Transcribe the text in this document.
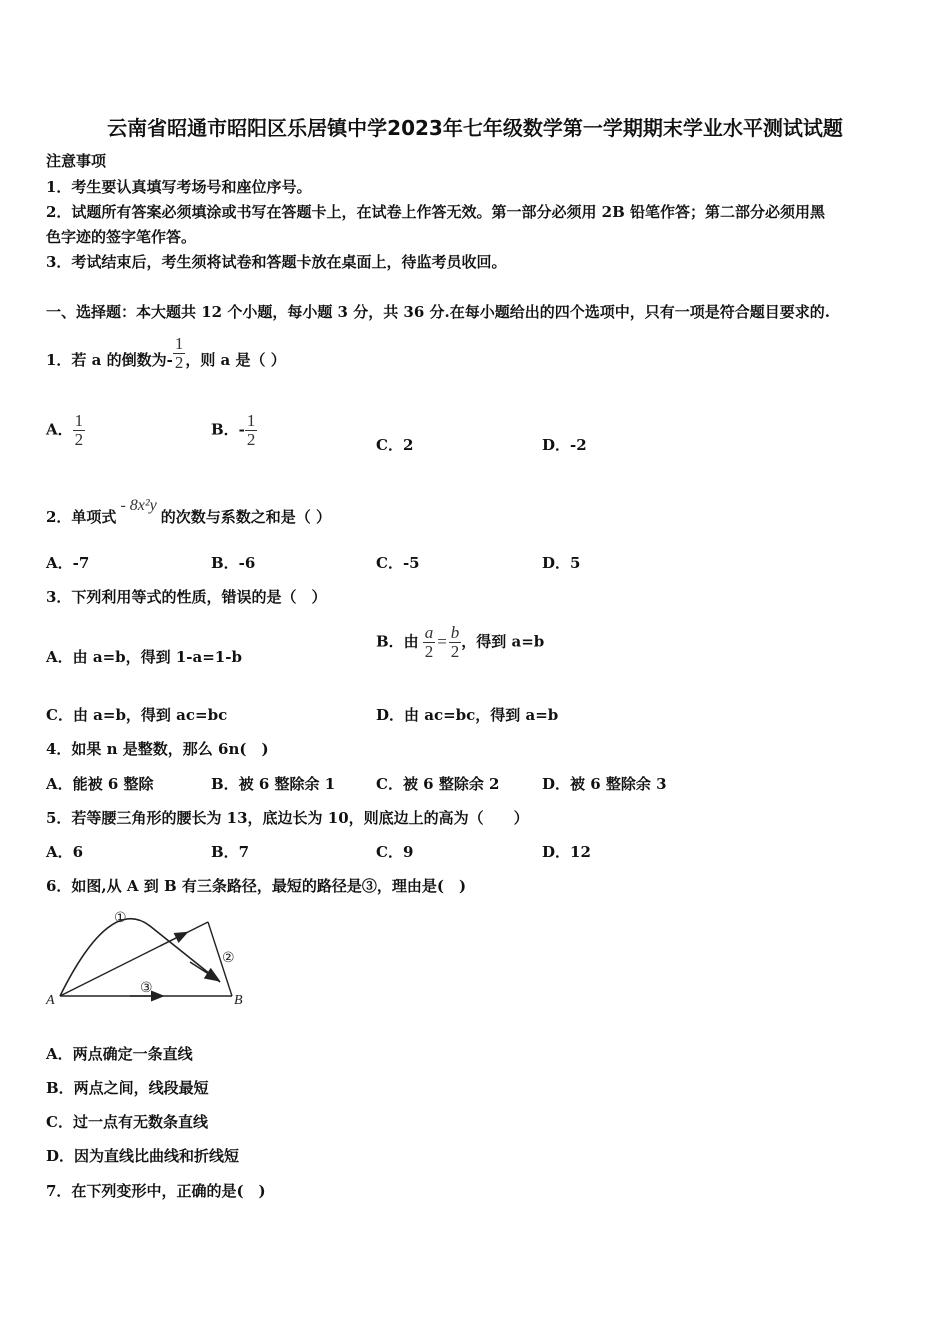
云南省昭通市昭阳区乐居镇中学2023年七年级数学第一学期期末学业水平测试试题
注意事项
1．考生要认真填写考场号和座位序号。
2．试题所有答案必须填涂或书写在答题卡上，在试卷上作答无效。第一部分必须用 2B 铅笔作答；第二部分必须用黑
色字迹的签字笔作答。
3．考试结束后，考生须将试卷和答题卡放在桌面上，待监考员收回。
一、选择题：本大题共 12 个小题，每小题 3 分，共 36 分.在每小题给出的四个选项中，只有一项是符合题目要求的.
1．若 a 的倒数为- $\frac{1}{2}$ ，则 a 是（ ）
A． $\frac{1}{2}$	B．- $\frac{1}{2}$	C．2	D．-2
2．单项式- 8x²y的次数与系数之和是（ ）
A．-7	B．-6	C．-5	D．5
3．下列利用等式的性质，错误的是（　）
A．由 a=b，得到 1-a=1-b
B．由 $\frac{a}{2} = \frac{b}{2}$ ，得到 a=b
C．由 a=b，得到 ac=bc	D．由 ac=bc，得到 a=b
4．如果 n 是整数，那么 6n(　)
A．能被 6 整除	B．被 6 整除余 1	C．被 6 整除余 2	D．被 6 整除余 3
5．若等腰三角形的腰长为 13，底边长为 10，则底边上的高为（　　）
A．6	B．7	C．9	D．12
6．如图,从 A 到 B 有三条路径，最短的路径是③，理由是(　)
A	B
①
②
③
A．两点确定一条直线
B．两点之间，线段最短
C．过一点有无数条直线
D．因为直线比曲线和折线短
7．在下列变形中，正确的是(　)
